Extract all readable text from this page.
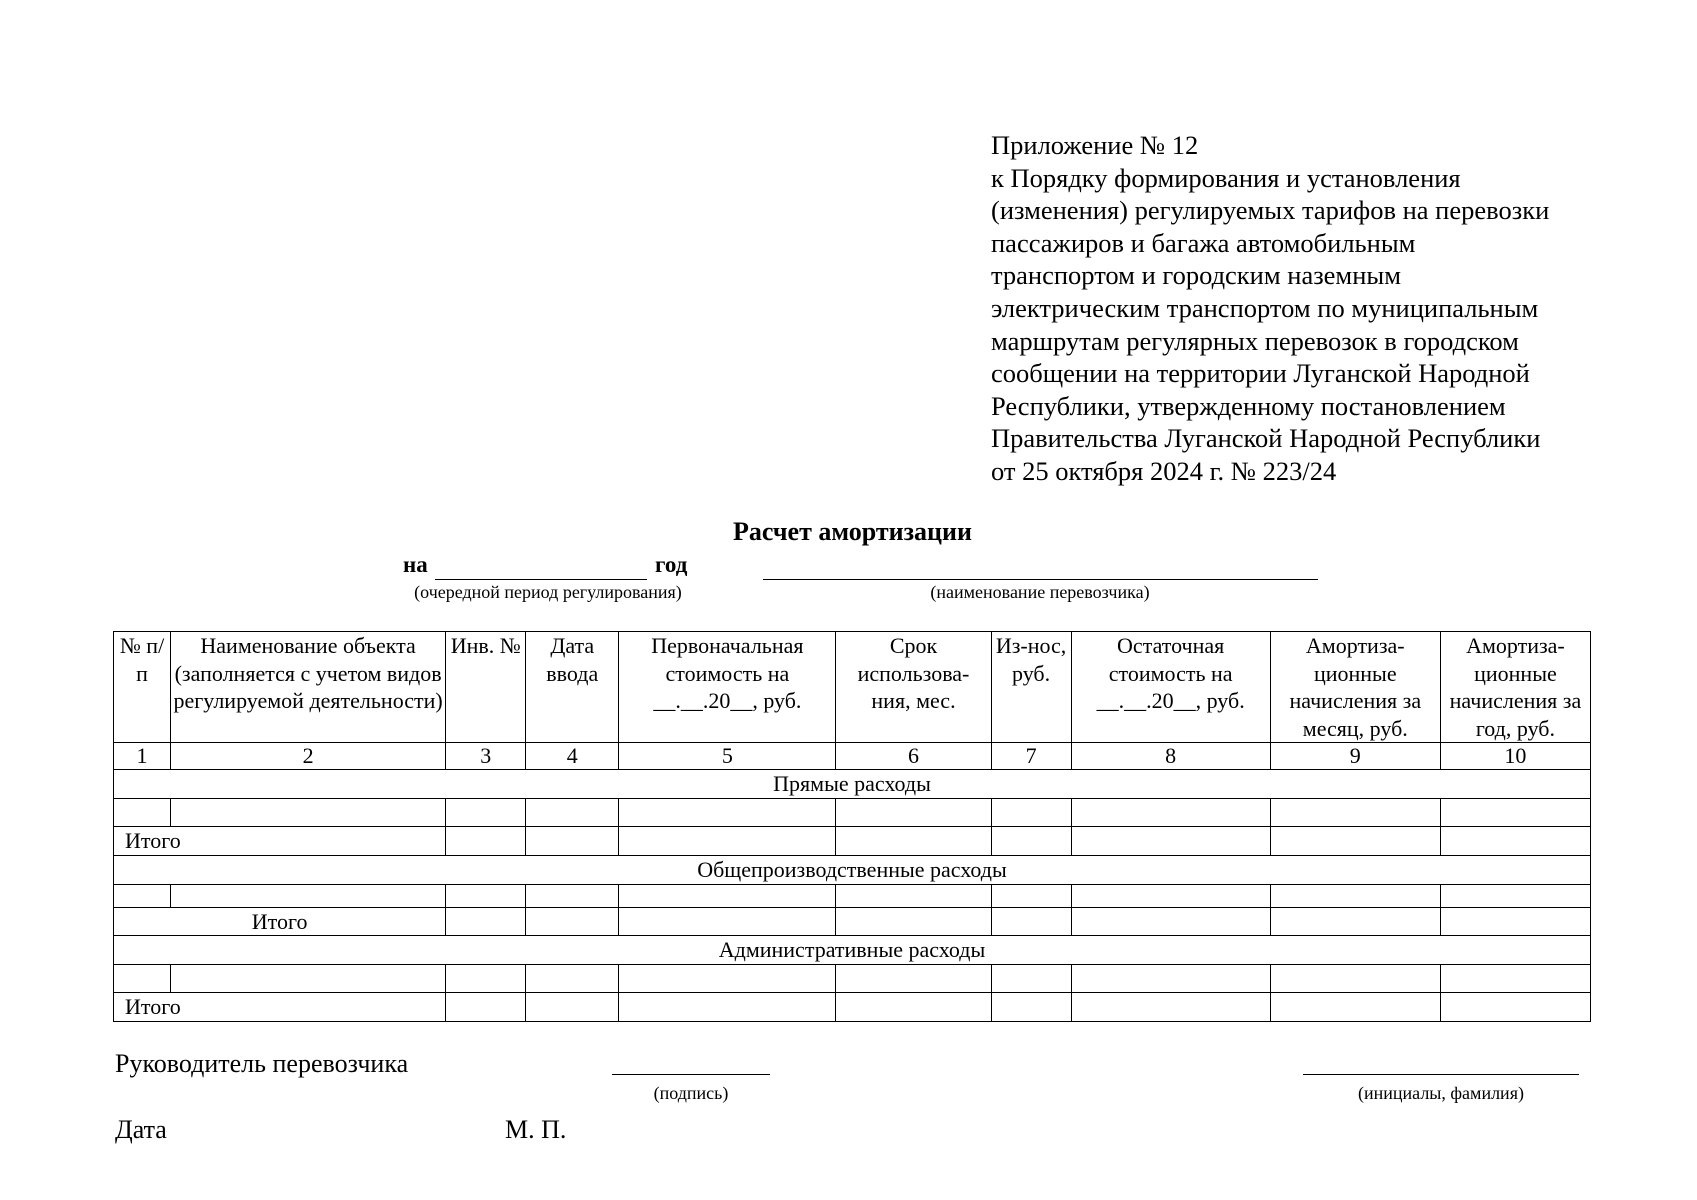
Приложение № 12
к Порядку формирования и установления
(изменения) регулируемых тарифов на перевозки
пассажиров и багажа автомобильным
транспортом и городским наземным
электрическим транспортом по муниципальным
маршрутам регулярных перевозок в городском
сообщении на территории Луганской Народной
Республики, утвержденному постановлением
Правительства Луганской Народной Республики
от 25 октября 2024 г. № 223/24
Расчет амортизации
на	год
(очередной период регулирования)	(наименование перевозчика)
№ п/п	Наименование объекта (заполняется с учетом видов регулируемой деятельности)	Инв. №	Дата ввода	Первоначальная стоимость на __.__.20__, руб.	Срок использова-ния, мес.	Из-нос, руб.	Остаточная стоимость на __.__.20__, руб.	Амортиза-ционные начисления за месяц, руб.	Амортиза-ционные начисления за год, руб.
1	2	3	4	5	6	7	8	9	10
Прямые расходы									

Итого									
Общепроизводственные расходы									

Итого									
Административные расходы									

Итого									
Руководитель перевозчика
(подпись)	(инициалы, фамилия)
Дата	М. П.
